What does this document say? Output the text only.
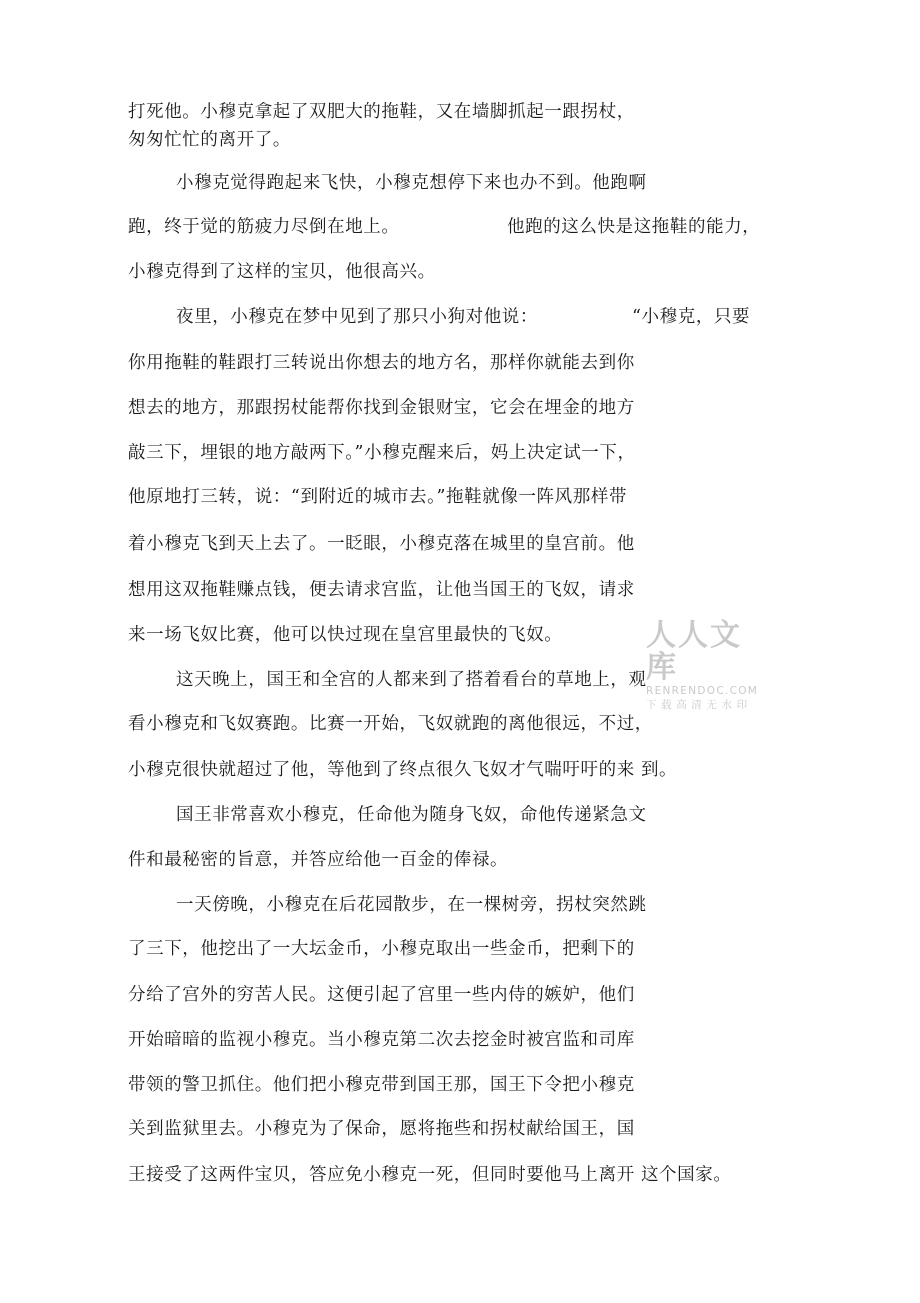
打死他。小穆克拿起了双肥大的拖鞋，又在墙脚抓起一跟拐杖，
匆匆忙忙的离开了。
小穆克觉得跑起来飞快，小穆克想停下来也办不到。他跑啊
跑，终于觉的筋疲力尽倒在地上。	他跑的这么快是这拖鞋的能力，
小穆克得到了这样的宝贝，他很高兴。
夜里，小穆克在梦中见到了那只小狗对他说：	“小穆克，只要
你用拖鞋的鞋跟打三转说出你想去的地方名，那样你就能去到你
想去的地方，那跟拐杖能帮你找到金银财宝，它会在埋金的地方
敲三下，埋银的地方敲两下。”小穆克醒来后，妈上决定试一下，
他原地打三转，说：“到附近的城市去。”拖鞋就像一阵风那样带
着小穆克飞到天上去了。一眨眼，小穆克落在城里的皇宫前。他
想用这双拖鞋赚点钱，便去请求宫监，让他当国王的飞奴，请求
来一场飞奴比赛，他可以快过现在皇宫里最快的飞奴。
这天晚上，国王和全宫的人都来到了搭着看台的草地上，观
看小穆克和飞奴赛跑。比赛一开始，飞奴就跑的离他很远，不过，
小穆克很快就超过了他，等他到了终点很久飞奴才气喘吁吁的来 到。
国王非常喜欢小穆克，任命他为随身飞奴，命他传递紧急文
件和最秘密的旨意，并答应给他一百金的俸禄。
一天傍晚，小穆克在后花园散步，在一棵树旁，拐杖突然跳
了三下，他挖出了一大坛金币，小穆克取出一些金币，把剩下的
分给了宫外的穷苦人民。这便引起了宫里一些内侍的嫉妒，他们
开始暗暗的监视小穆克。当小穆克第二次去挖金时被宫监和司库
带领的警卫抓住。他们把小穆克带到国王那，国王下令把小穆克
关到监狱里去。小穆克为了保命，愿将拖些和拐杖献给国王，国
王接受了这两件宝贝，答应免小穆克一死，但同时要他马上离开 这个国家。
人人文库
RENRENDOC.COM
下载高清无水印
